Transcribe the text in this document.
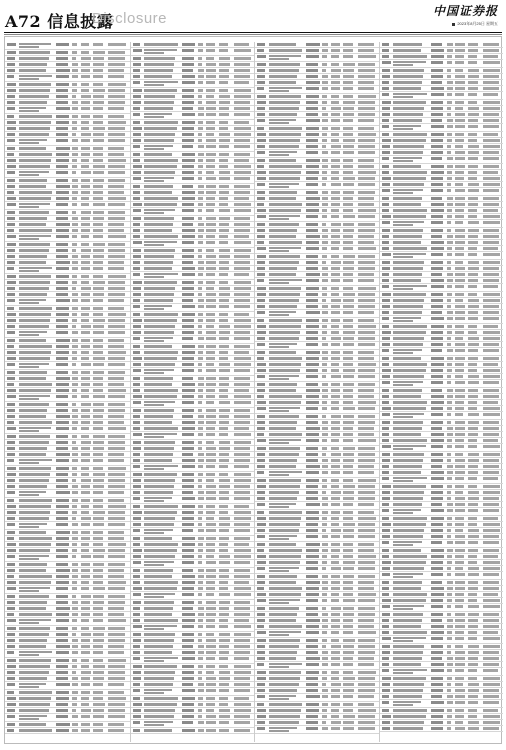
A72 信息披露
Disclosure	中国证券报
2023年8月25日 星期五
